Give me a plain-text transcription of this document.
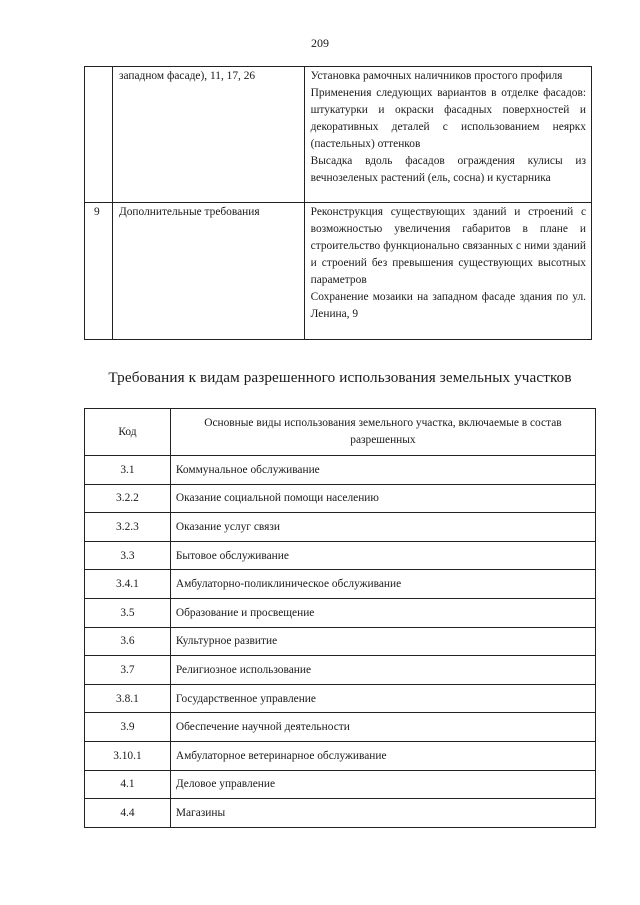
209
	западном фасаде), 11, 17, 26	Установка рамочных наличников простого профиля
Применения следующих вариантов в отделке фасадов: штукатурки и окраски фасадных поверхностей и декоративных деталей с использованием неяркх (пастельных) оттенков
Высадка вдоль фасадов ограждения кулисы из вечнозеленых растений (ель, сосна) и кустарника

9	Дополнительные требования	Реконструкция существующих зданий и строений с возможностью увеличения габаритов в плане и строительство функционально связанных с ними зданий и строений без превышения существующих высотных параметров
Сохранение мозаики на западном фасаде здания по ул. Ленина, 9
Требования к видам разрешенного использования земельных участков
Код	Основные виды использования земельного участка, включаемые в состав разрешенных
3.1	Коммунальное обслуживание
3.2.2	Оказание социальной помощи населению
3.2.3	Оказание услуг связи
3.3	Бытовое обслуживание
3.4.1	Амбулаторно-поликлиническое обслуживание
3.5	Образование и просвещение
3.6	Культурное развитие
3.7	Религиозное использование
3.8.1	Государственное управление
3.9	Обеспечение научной деятельности
3.10.1	Амбулаторное ветеринарное обслуживание
4.1	Деловое управление
4.4	Магазины
